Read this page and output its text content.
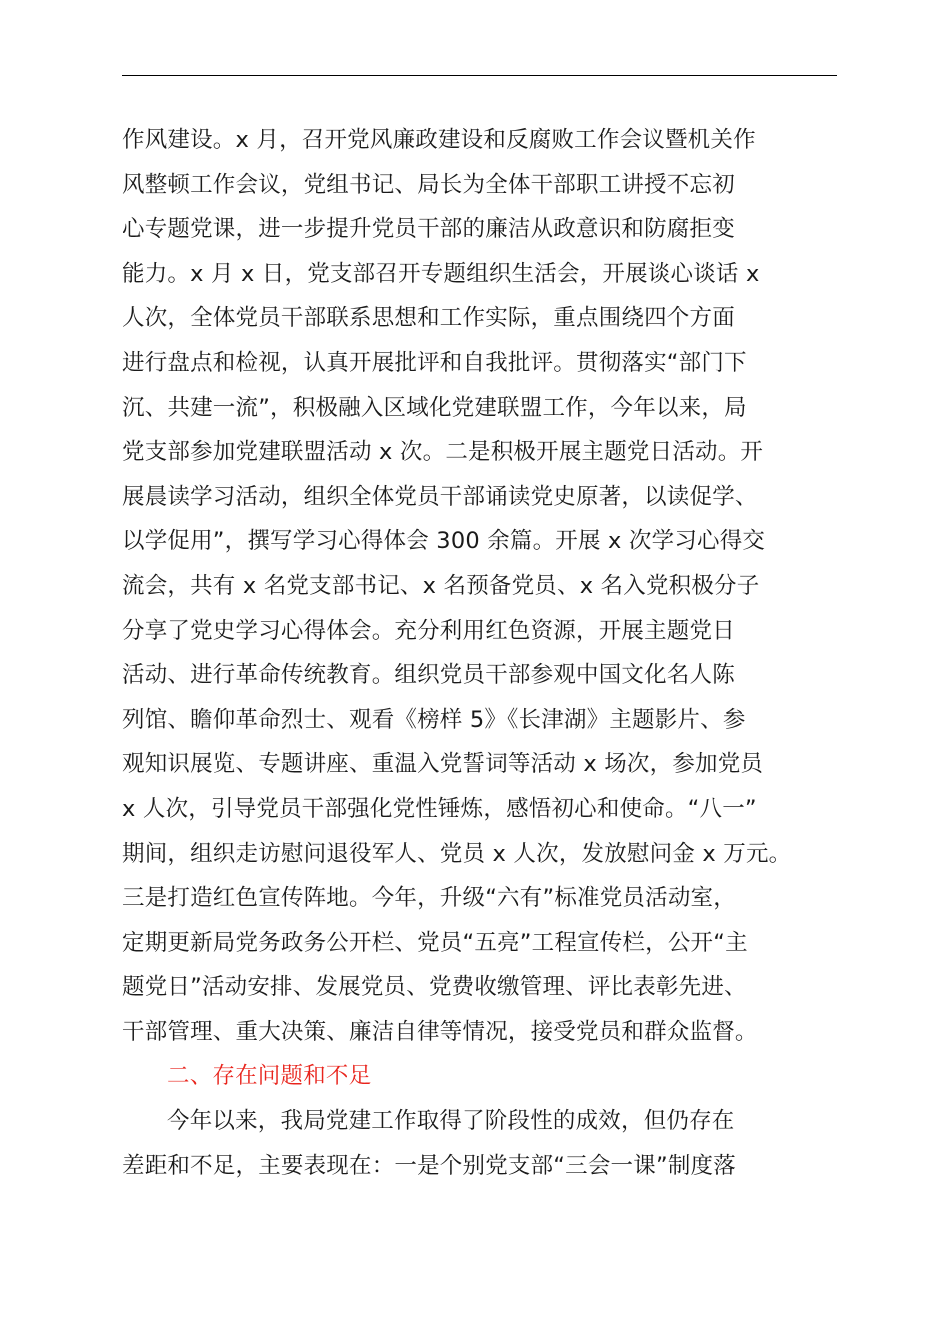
作风建设。x 月，召开党风廉政建设和反腐败工作会议暨机关作
风整顿工作会议，党组书记、局长为全体干部职工讲授不忘初
心专题党课，进一步提升党员干部的廉洁从政意识和防腐拒变
能力。x 月 x 日，党支部召开专题组织生活会，开展谈心谈话 x
人次，全体党员干部联系思想和工作实际，重点围绕四个方面
进行盘点和检视，认真开展批评和自我批评。贯彻落实“部门下
沉、共建一流”，积极融入区域化党建联盟工作，今年以来，局
党支部参加党建联盟活动 x 次。二是积极开展主题党日活动。开
展晨读学习活动，组织全体党员干部诵读党史原著，以读促学、
以学促用”，撰写学习心得体会 300 余篇。开展 x 次学习心得交
流会，共有 x 名党支部书记、x 名预备党员、x 名入党积极分子
分享了党史学习心得体会。充分利用红色资源，开展主题党日
活动、进行革命传统教育。组织党员干部参观中国文化名人陈
列馆、瞻仰革命烈士、观看《榜样 5》《长津湖》主题影片、参
观知识展览、专题讲座、重温入党誓词等活动 x 场次，参加党员
x 人次，引导党员干部强化党性锤炼，感悟初心和使命。“八一”
期间，组织走访慰问退役军人、党员 x 人次，发放慰问金 x 万元。
三是打造红色宣传阵地。今年，升级“六有”标准党员活动室，
定期更新局党务政务公开栏、党员“五亮”工程宣传栏，公开“主
题党日”活动安排、发展党员、党费收缴管理、评比表彰先进、
干部管理、重大决策、廉洁自律等情况，接受党员和群众监督。
二、存在问题和不足
今年以来，我局党建工作取得了阶段性的成效，但仍存在
差距和不足，主要表现在：一是个别党支部“三会一课”制度落
